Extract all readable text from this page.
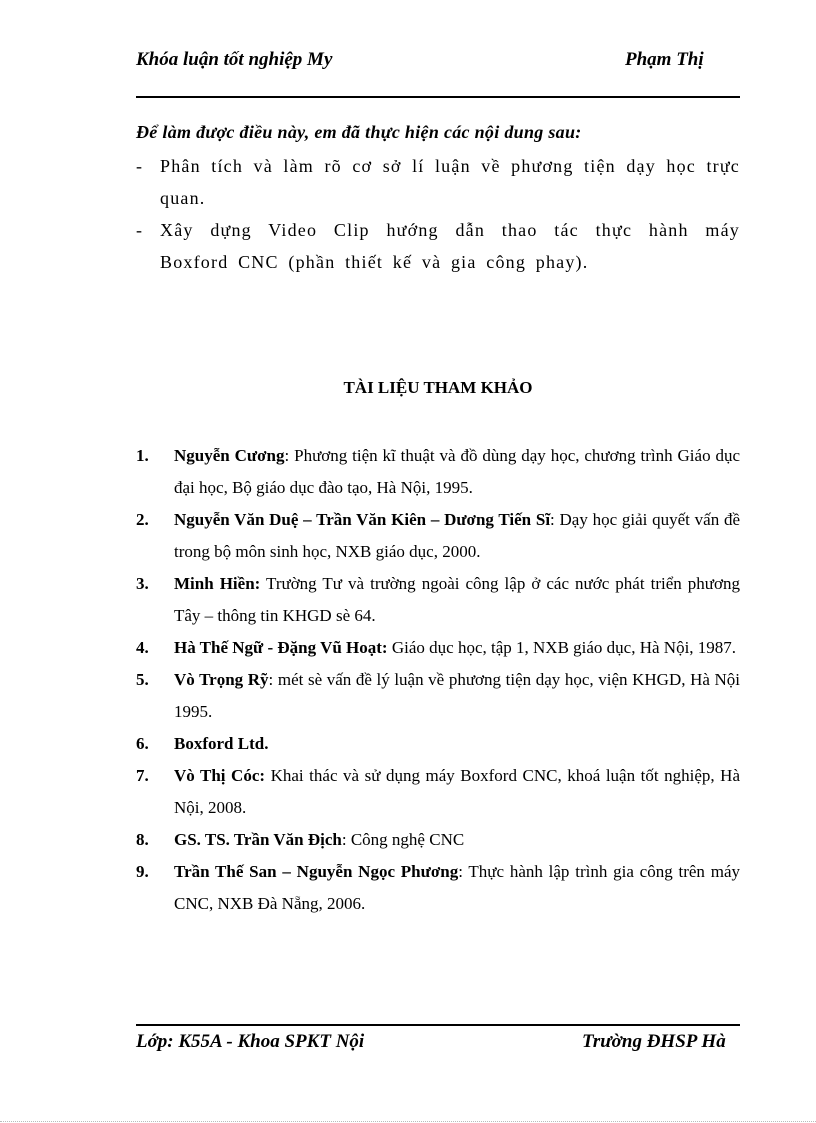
Khóa luận tốt nghiệp My	Phạm Thị
Để làm được điều này, em đã thực hiện các nội dung sau:
- Phân tích và làm rõ cơ sở lí luận về phương tiện dạy học trực quan.
- Xây dựng Video Clip hướng dẫn thao tác thực hành máy Boxford CNC (phần thiết kế và gia công phay).
TÀI LIỆU THAM KHẢO
1. Nguyễn Cương: Phương tiện kĩ thuật và đồ dùng dạy học, chương trình Giáo dục đại học, Bộ giáo dục đào tạo, Hà Nội, 1995.
2. Nguyễn Văn Duệ – Trần Văn Kiên – Dương Tiến Sĩ: Dạy học giải quyết vấn đề trong bộ môn sinh học, NXB giáo dục, 2000.
3. Minh Hiền: Trường Tư và trường ngoài công lập ở các nước phát triển phương Tây – thông tin KHGD sè 64.
4. Hà Thế Ngữ - Đặng Vũ Hoạt: Giáo dục học, tập 1, NXB giáo dục, Hà Nội, 1987.
5. Vò Trọng Rỹ: mét sè vấn đề lý luận về phương tiện dạy học, viện KHGD, Hà Nội 1995.
6. Boxford Ltd.
7. Vò Thị Cóc: Khai thác và sử dụng máy Boxford CNC, khoá luận tốt nghiệp, Hà Nội, 2008.
8. GS. TS. Trần Văn Địch: Công nghệ CNC
9. Trần Thế San – Nguyễn Ngọc Phương: Thực hành lập trình gia công trên máy CNC, NXB Đà Nẵng, 2006.
Lớp: K55A - Khoa SPKT Nội	Trường ĐHSP Hà
